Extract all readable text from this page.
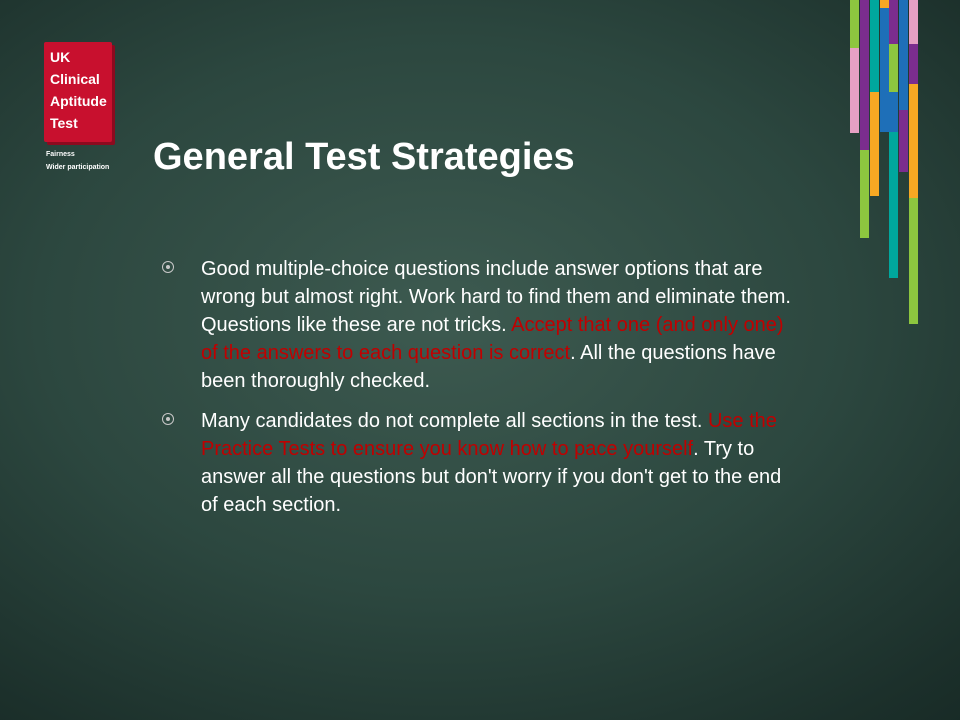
UK
Clinical
Aptitude
Test
Fairness
Wider participation	General Test Strategies
Good multiple-choice questions include answer options that are wrong but almost right. Work hard to find them and eliminate them. Questions like these are not tricks. Accept that one (and only one) of the answers to each question is correct. All the questions have been thoroughly checked.
Many candidates do not complete all sections in the test. Use the Practice Tests to ensure you know how to pace yourself. Try to answer all the questions but don't worry if you don't get to the end of each section.
